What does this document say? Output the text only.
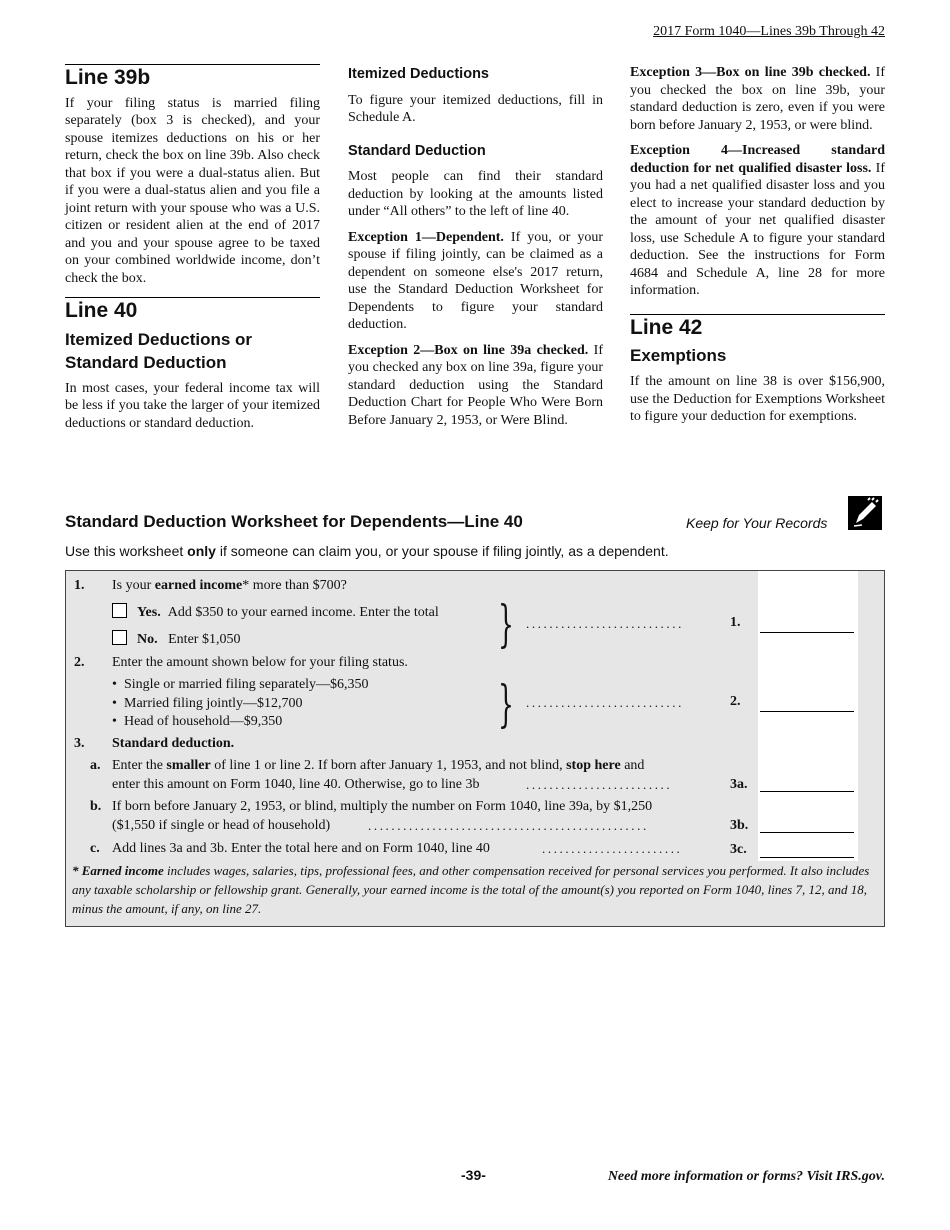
2017 Form 1040—Lines 39b Through 42
Line 39b

If your filing status is married filing separately (box 3 is checked), and your spouse itemizes deductions on his or her return, check the box on line 39b. Also check that box if you were a dual-status alien. But if you were a dual-status alien and you file a joint return with your spouse who was a U.S. citizen or resident alien at the end of 2017 and you and your spouse agree to be taxed on your combined worldwide income, don’t check the box.

Line 40
Itemized Deductions or Standard Deduction

In most cases, your federal income tax will be less if you take the larger of your itemized deductions or standard deduction.

Itemized Deductions

To figure your itemized deductions, fill in Schedule A.

Standard Deduction

Most people can find their standard deduction by looking at the amounts listed under “All others” to the left of line 40.

Exception 1—Dependent. If you, or your spouse if filing jointly, can be claimed as a dependent on someone else's 2017 return, use the Standard Deduction Worksheet for Dependents to figure your standard deduction.

Exception 2—Box on line 39a checked. If you checked any box on line 39a, figure your standard deduction using the Standard Deduction Chart for People Who Were Born Before January 2, 1953, or Were Blind.

Exception 3—Box on line 39b checked. If you checked the box on line 39b, your standard deduction is zero, even if you were born before January 2, 1953, or were blind.

Exception 4—Increased standard deduction for net qualified disaster loss. If you had a net qualified disaster loss and you elect to increase your standard deduction by the amount of your net qualified disaster loss, use Schedule A to figure your standard deduction. See the instructions for Form 4684 and Schedule A, line 28 for more information.

Line 42
Exemptions

If the amount on line 38 is over $156,900, use the Deduction for Exemptions Worksheet to figure your deduction for exemptions.

Standard Deduction Worksheet for Dependents—Line 40	Keep for Your Records
Use this worksheet only if someone can claim you, or your spouse if filing jointly, as a dependent.
1. Is your earned income* more than $700?
Yes. Add $350 to your earned income. Enter the total
No. Enter $1,050	} ...........................	1.
2. Enter the amount shown below for your filing status.
• Single or married filing separately—$6,350
• Married filing jointly—$12,700
• Head of household—$9,350	} ...........................	2.
3. Standard deduction.
a. Enter the smaller of line 1 or line 2. If born after January 1, 1953, and not blind, stop here and
enter this amount on Form 1040, line 40. Otherwise, go to line 3b	.........................	3a.
b. If born before January 2, 1953, or blind, multiply the number on Form 1040, line 39a, by $1,250
($1,550 if single or head of household)	................................................	3b.
c. Add lines 3a and 3b. Enter the total here and on Form 1040, line 40	........................	3c.
* Earned income includes wages, salaries, tips, professional fees, and other compensation received for personal services you performed. It also includes any taxable scholarship or fellowship grant. Generally, your earned income is the total of the amount(s) you reported on Form 1040, lines 7, 12, and 18, minus the amount, if any, on line 27.
-39-	Need more information or forms? Visit IRS.gov.
